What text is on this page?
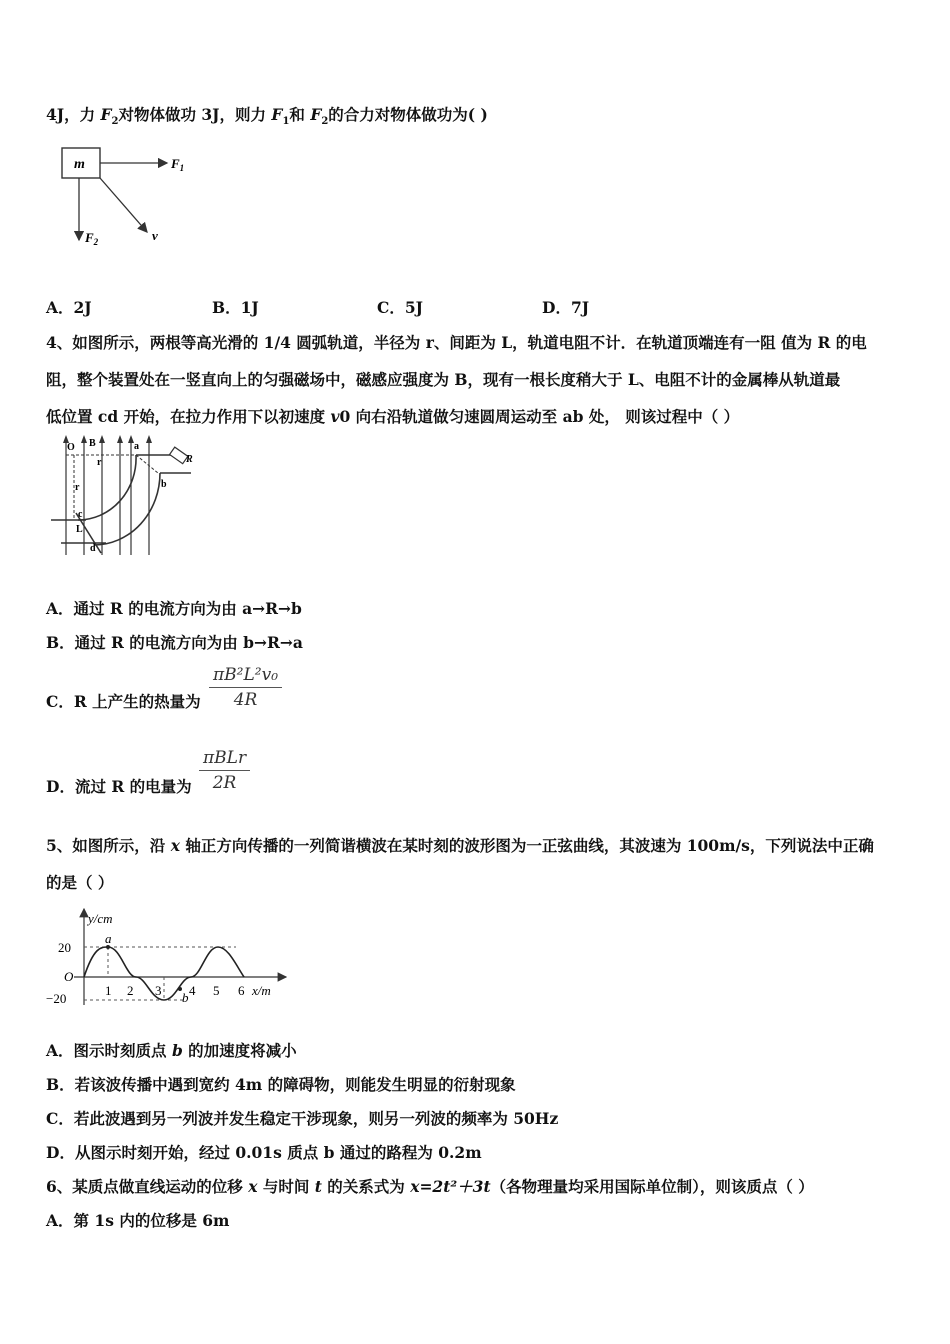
4J，力 $F_2$对物体做功 3J，则力 $F_1$和 $F_2$的合力对物体做功为( )
m	$F_1$
$F_2$	v
A．2J	B．1J	C．5J	D．7J
4、如图所示，两根等高光滑的 1/4 圆弧轨道，半径为 r、间距为 L，轨道电阻不计．在轨道顶端连有一阻 值为 R 的电
阻，整个装置处在一竖直向上的匀强磁场中，磁感应强度为 B，现有一根长度稍大于 L、电阻不计的金属棒从轨道最
低位置 cd 开始，在拉力作用下以初速度 v0 向右沿轨道做匀速圆周运动至 ab 处， 则该过程中（ ）
O B
r
r
a
b
c
L
d
R
A．通过 R 的电流方向为由 a→R→b
B．通过 R 的电流方向为由 b→R→a
C．R 上产生的热量为 $\frac{\text{πB²L²v₀}}{4R}$
D．流过 R 的电量为
πBLr
2R
5、如图所示，沿 x 轴正方向传播的一列简谐横波在某时刻的波形图为一正弦曲线，其波速为 100m/s，下列说法中正确
的是（ ）
y/cm
20
O
−20
1 2 3 4 5 6 x/m
a
b
A．图示时刻质点 b 的加速度将减小
B．若该波传播中遇到宽约 4m 的障碍物，则能发生明显的衍射现象
C．若此波遇到另一列波并发生稳定干涉现象，则另一列波的频率为 50Hz
D．从图示时刻开始，经过 0.01s 质点 b 通过的路程为 0.2m
6、某质点做直线运动的位移 x 与时间 t 的关系式为 x=2t²＋3t（各物理量均采用国际单位制），则该质点（ ）
A．第 1s 内的位移是 6m
